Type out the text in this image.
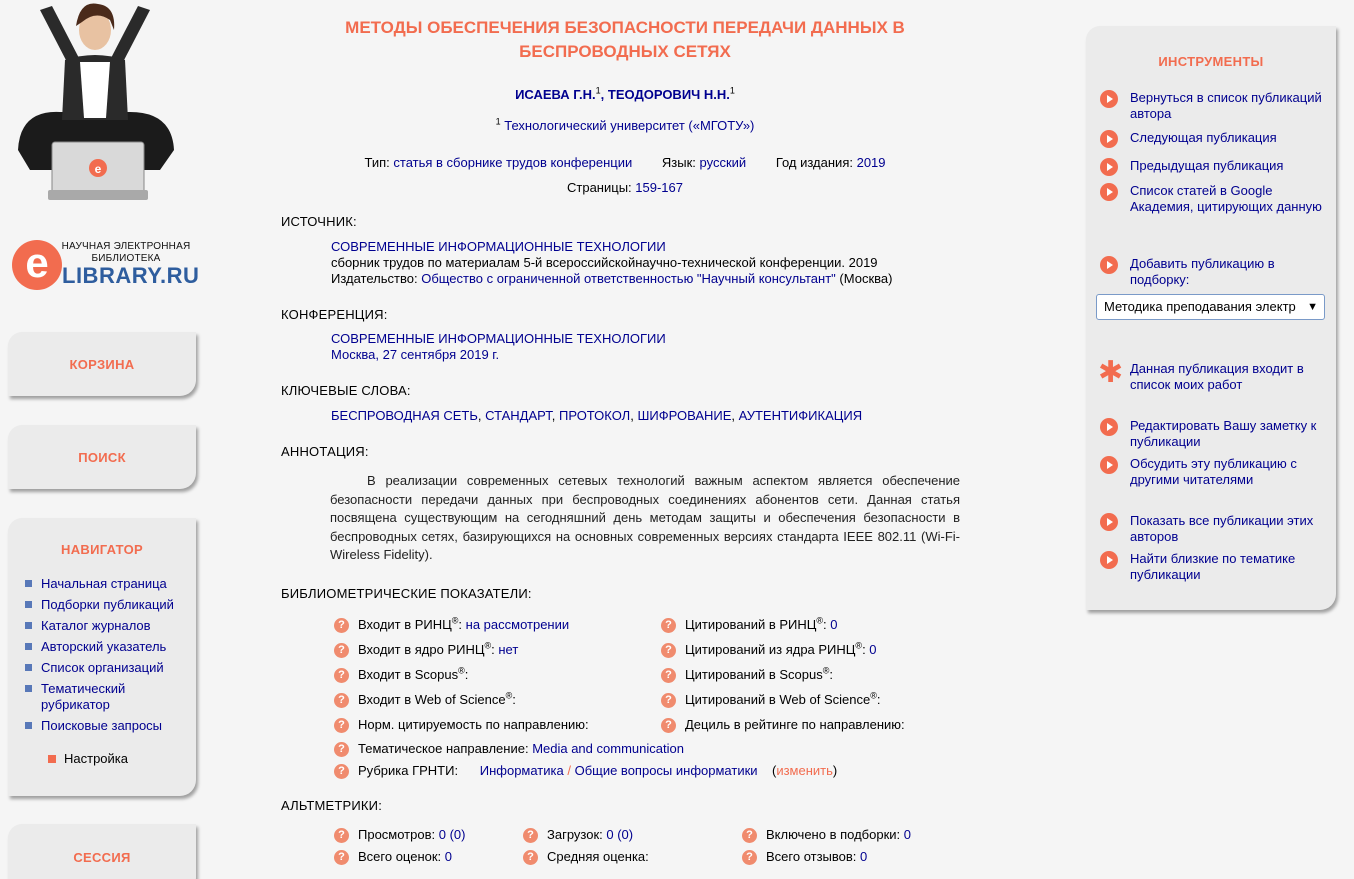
e
e	НАУЧНАЯ ЭЛЕКТРОННАЯ БИБЛИОТЕКА
LIBRARY.RU
КОРЗИНА
ПОИСК
НАВИГАТОР
Начальная страница
Подборки публикаций
Каталог журналов
Авторский указатель
Список организаций
Тематический рубрикатор
Поисковые запросы
Настройка
СЕССИЯ
МЕТОДЫ ОБЕСПЕЧЕНИЯ БЕЗОПАСНОСТИ ПЕРЕДАЧИ ДАННЫХ В БЕСПРОВОДНЫХ СЕТЯХ
ИСАЕВА Г.Н.$^1$, ТЕОДОРОВИЧ Н.Н.$^1$
$^1$ Технологический университет («МГОТУ»)
Тип: статья в сборнике трудов конференции Язык: русский Год издания: 2019
Страницы: 159-167
ИСТОЧНИК:
СОВРЕМЕННЫЕ ИНФОРМАЦИОННЫЕ ТЕХНОЛОГИИ
сборник трудов по материалам 5-й всероссийскойнаучно-технической конференции. 2019
Издательство: Общество с ограниченной ответственностью "Научный консультант" (Москва)
КОНФЕРЕНЦИЯ:
СОВРЕМЕННЫЕ ИНФОРМАЦИОННЫЕ ТЕХНОЛОГИИ
Москва, 27 сентября 2019 г.
КЛЮЧЕВЫЕ СЛОВА:
БЕСПРОВОДНАЯ СЕТЬ, СТАНДАРТ, ПРОТОКОЛ, ШИФРОВАНИЕ, АУТЕНТИФИКАЦИЯ
АННОТАЦИЯ:
В реализации современных сетевых технологий важным аспектом является обеспечение безопасности передачи данных при беспроводных соединениях абонентов сети. Данная статья посвящена существующим на сегодняшний день методам защиты и обеспечения безопасности в беспроводных сетях, базирующихся на основных современных версиях стандарта IEEE 802.11 (Wi-Fi-Wireless Fidelity).
БИБЛИОМЕТРИЧЕСКИЕ ПОКАЗАТЕЛИ:
?	Входит в РИНЦ®: на рассмотрении	?	Цитирований в РИНЦ®: 0
?	Входит в ядро РИНЦ®: нет	?	Цитирований из ядра РИНЦ®: 0
?	Входит в Scopus®:	?	Цитирований в Scopus®:
?	Входит в Web of Science®:	?	Цитирований в Web of Science®:
?	Норм. цитируемость по направлению:	?	Дециль в рейтинге по направлению:
?	Тематическое направление: Media and communication
?	Рубрика ГРНТИ: Информатика / Общие вопросы информатики (изменить)
АЛЬТМЕТРИКИ:
?	Просмотров: 0 (0)	?	Загрузок: 0 (0)	?	Включено в подборки: 0
?	Всего оценок: 0	?	Средняя оценка:	?	Всего отзывов: 0
ИНСТРУМЕНТЫ
Вернуться в список публикаций автора
Следующая публикация
Предыдущая публикация
Список статей в Google Академия, цитирующих данную
Добавить публикацию в подборку:
Методика преподавания электр ▼
✱ Данная публикация входит в список моих работ
Редактировать Вашу заметку к публикации
Обсудить эту публикацию с другими читателями
Показать все публикации этих авторов
Найти близкие по тематике публикации
